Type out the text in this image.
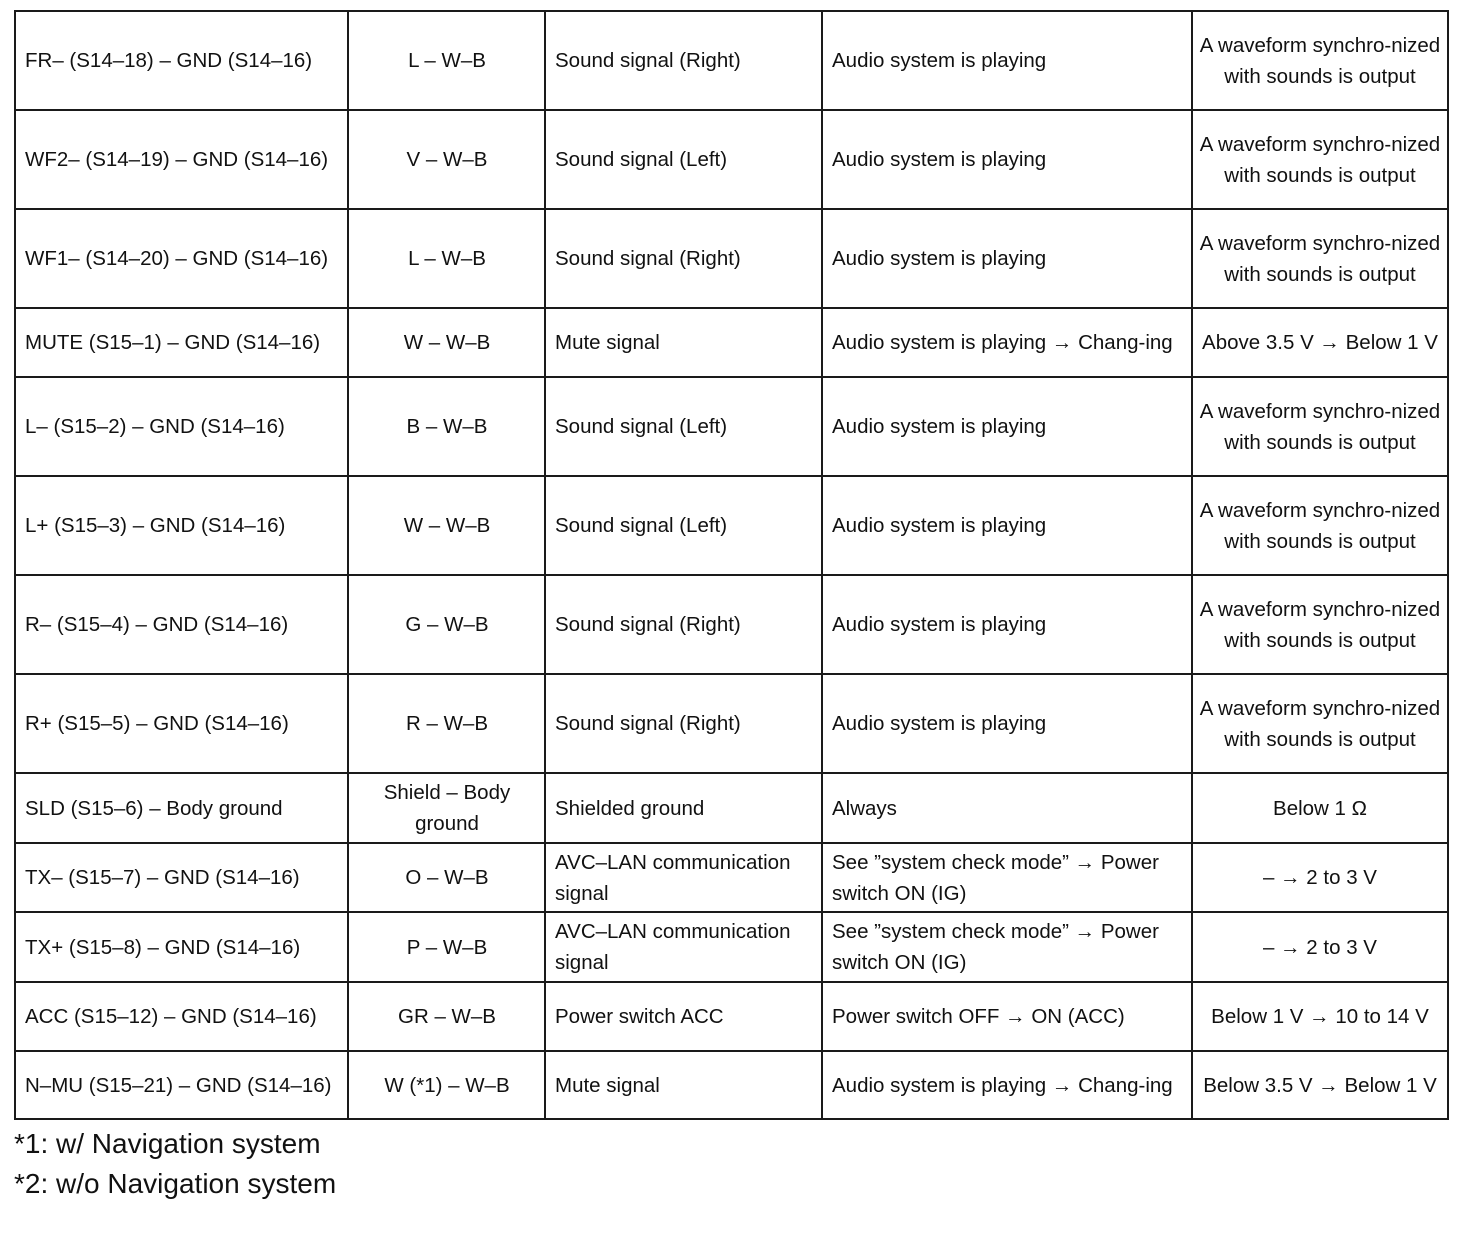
FR– (S14–18) – GND (S14–16)	L – W–B	Sound signal (Right)	Audio system is playing	A waveform synchro-nized with sounds is output
WF2– (S14–19) – GND (S14–16)	V – W–B	Sound signal (Left)	Audio system is playing	A waveform synchro-nized with sounds is output
WF1– (S14–20) – GND (S14–16)	L – W–B	Sound signal (Right)	Audio system is playing	A waveform synchro-nized with sounds is output
MUTE (S15–1) – GND (S14–16)	W – W–B	Mute signal	Audio system is playing → Chang-ing	Above 3.5 V → Below 1 V
L– (S15–2) – GND (S14–16)	B – W–B	Sound signal (Left)	Audio system is playing	A waveform synchro-nized with sounds is output
L+ (S15–3) – GND (S14–16)	W – W–B	Sound signal (Left)	Audio system is playing	A waveform synchro-nized with sounds is output
R– (S15–4) – GND (S14–16)	G – W–B	Sound signal (Right)	Audio system is playing	A waveform synchro-nized with sounds is output
R+ (S15–5) – GND (S14–16)	R – W–B	Sound signal (Right)	Audio system is playing	A waveform synchro-nized with sounds is output
SLD (S15–6) – Body ground	Shield – Body ground	Shielded ground	Always	Below 1 Ω
TX– (S15–7) – GND (S14–16)	O – W–B	AVC–LAN communication signal	See ”system check mode” → Power switch ON (IG)	– → 2 to 3 V
TX+ (S15–8) – GND (S14–16)	P – W–B	AVC–LAN communication signal	See ”system check mode” → Power switch ON (IG)	– → 2 to 3 V
ACC (S15–12) – GND (S14–16)	GR – W–B	Power switch ACC	Power switch OFF → ON (ACC)	Below 1 V → 10 to 14 V
N–MU (S15–21) – GND (S14–16)	W (*1) – W–B	Mute signal	Audio system is playing → Chang-ing	Below 3.5 V → Below 1 V

*1: w/ Navigation system

*2: w/o Navigation system
